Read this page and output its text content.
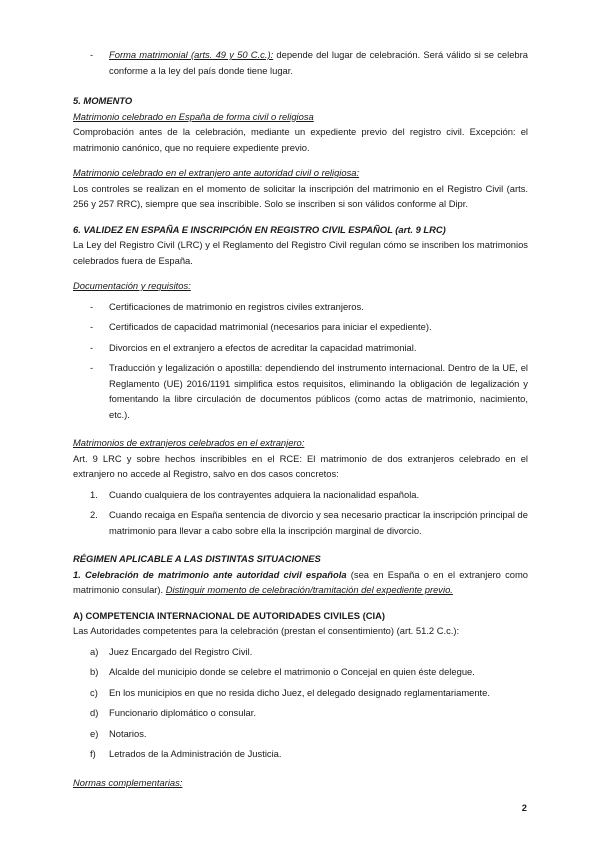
- Forma matrimonial (arts. 49 y 50 C.c.): depende del lugar de celebración. Será válido si se celebra conforme a la ley del país donde tiene lugar.

5. MOMENTO

Matrimonio celebrado en España de forma civil o religiosa

Comprobación antes de la celebración, mediante un expediente previo del registro civil. Excepción: el matrimonio canónico, que no requiere expediente previo.

Matrimonio celebrado en el extranjero ante autoridad civil o religiosa:

Los controles se realizan en el momento de solicitar la inscripción del matrimonio en el Registro Civil (arts. 256 y 257 RRC), siempre que sea inscribible. Solo se inscriben si son válidos conforme al Dipr.

6. VALIDEZ EN ESPAÑA E INSCRIPCIÓN EN REGISTRO CIVIL ESPAÑOL (art. 9 LRC)

La Ley del Registro Civil (LRC) y el Reglamento del Registro Civil regulan cómo se inscriben los matrimonios celebrados fuera de España.

Documentación y requisitos:

- Certificaciones de matrimonio en registros civiles extranjeros.
- Certificados de capacidad matrimonial (necesarios para iniciar el expediente).
- Divorcios en el extranjero a efectos de acreditar la capacidad matrimonial.
- Traducción y legalización o apostilla: dependiendo del instrumento internacional. Dentro de la UE, el Reglamento (UE) 2016/1191 simplifica estos requisitos, eliminando la obligación de legalización y fomentando la libre circulación de documentos públicos (como actas de matrimonio, nacimiento, etc.).

Matrimonios de extranjeros celebrados en el extranjero:

Art. 9 LRC y sobre hechos inscribibles en el RCE: El matrimonio de dos extranjeros celebrado en el extranjero no accede al Registro, salvo en dos casos concretos:

1. Cuando cualquiera de los contrayentes adquiera la nacionalidad española.
2. Cuando recaiga en España sentencia de divorcio y sea necesario practicar la inscripción principal de matrimonio para llevar a cabo sobre ella la inscripción marginal de divorcio.

RÉGIMEN APLICABLE A LAS DISTINTAS SITUACIONES

1. Celebración de matrimonio ante autoridad civil española (sea en España o en el extranjero como matrimonio consular). Distinguir momento de celebración/tramitación del expediente previo.

A) COMPETENCIA INTERNACIONAL DE AUTORIDADES CIVILES (CIA)

Las Autoridades competentes para la celebración (prestan el consentimiento) (art. 51.2 C.c.):

a) Juez Encargado del Registro Civil.
b) Alcalde del municipio donde se celebre el matrimonio o Concejal en quien éste delegue.
c) En los municipios en que no resida dicho Juez, el delegado designado reglamentariamente.
d) Funcionario diplomático o consular.
e) Notarios.
f) Letrados de la Administración de Justicia.

Normas complementarias:

2
